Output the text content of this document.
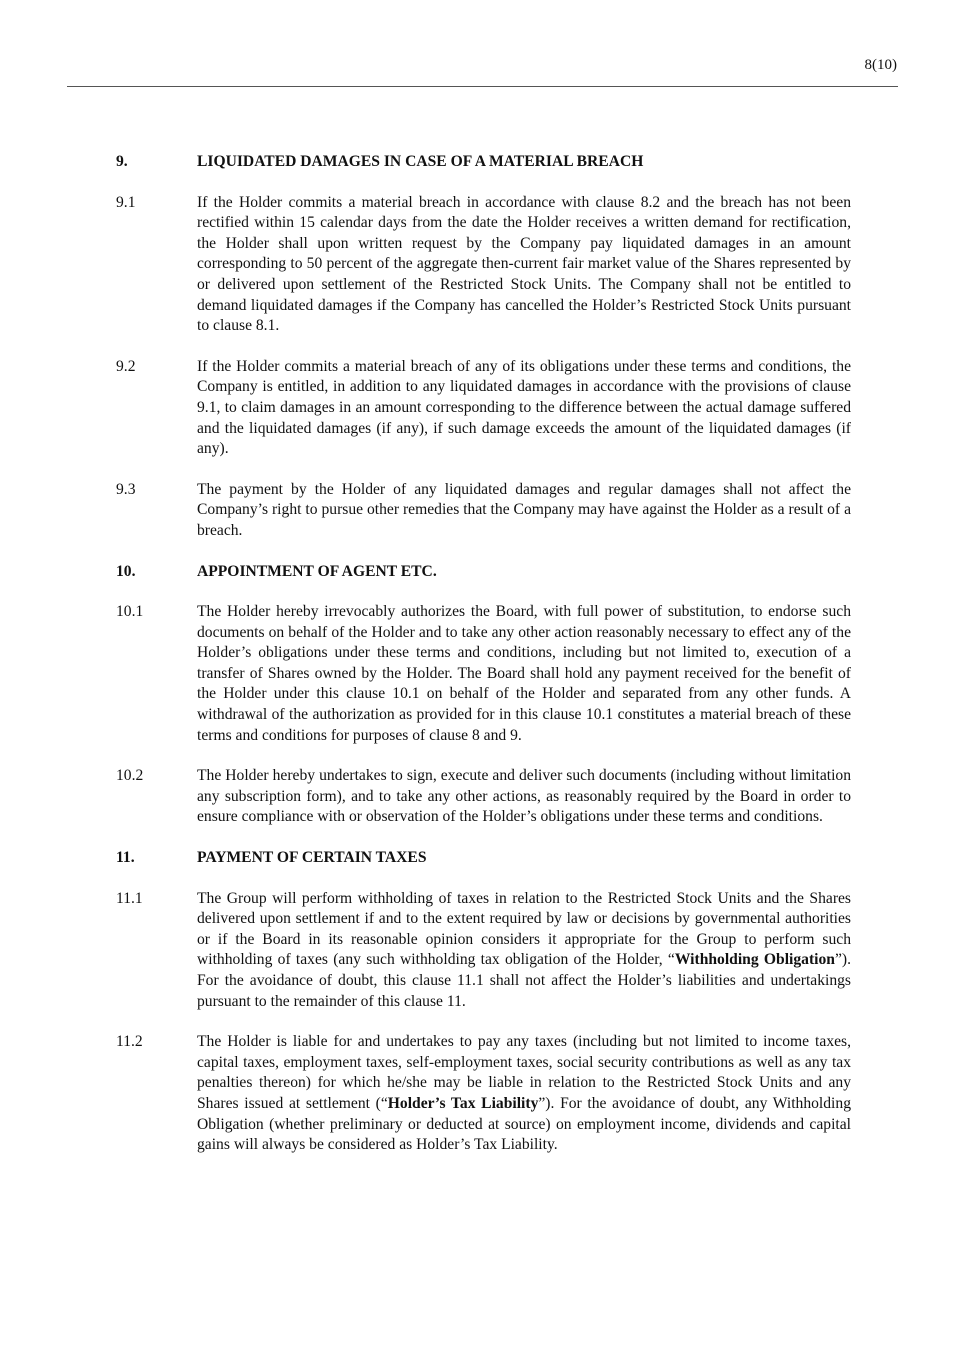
8(10)
9.	LIQUIDATED DAMAGES IN CASE OF A MATERIAL BREACH
9.1	If the Holder commits a material breach in accordance with clause 8.2 and the breach has not been rectified within 15 calendar days from the date the Holder receives a written demand for rectification, the Holder shall upon written request by the Company pay liquidated damages in an amount corresponding to 50 percent of the aggregate then-current fair market value of the Shares represented by or delivered upon settlement of the Restricted Stock Units. The Company shall not be entitled to demand liquidated damages if the Company has cancelled the Holder’s Restricted Stock Units pursuant to clause 8.1.
9.2	If the Holder commits a material breach of any of its obligations under these terms and conditions, the Company is entitled, in addition to any liquidated damages in accordance with the provisions of clause 9.1, to claim damages in an amount corresponding to the difference between the actual damage suffered and the liquidated damages (if any), if such damage exceeds the amount of the liquidated damages (if any).
9.3	The payment by the Holder of any liquidated damages and regular damages shall not affect the Company’s right to pursue other remedies that the Company may have against the Holder as a result of a breach.
10.	APPOINTMENT OF AGENT ETC.
10.1	The Holder hereby irrevocably authorizes the Board, with full power of substitution, to endorse such documents on behalf of the Holder and to take any other action reasonably necessary to effect any of the Holder’s obligations under these terms and conditions, including but not limited to, execution of a transfer of Shares owned by the Holder. The Board shall hold any payment received for the benefit of the Holder under this clause 10.1 on behalf of the Holder and separated from any other funds. A withdrawal of the authorization as provided for in this clause 10.1 constitutes a material breach of these terms and conditions for purposes of clause 8 and 9.
10.2	The Holder hereby undertakes to sign, execute and deliver such documents (including without limitation any subscription form), and to take any other actions, as reasonably required by the Board in order to ensure compliance with or observation of the Holder’s obligations under these terms and conditions.
11.	PAYMENT OF CERTAIN TAXES
11.1	The Group will perform withholding of taxes in relation to the Restricted Stock Units and the Shares delivered upon settlement if and to the extent required by law or decisions by governmental authorities or if the Board in its reasonable opinion considers it appropriate for the Group to perform such withholding of taxes (any such withholding tax obligation of the Holder, “Withholding Obligation”). For the avoidance of doubt, this clause 11.1 shall not affect the Holder’s liabilities and undertakings pursuant to the remainder of this clause 11.
11.2	The Holder is liable for and undertakes to pay any taxes (including but not limited to income taxes, capital taxes, employment taxes, self-employment taxes, social security contributions as well as any tax penalties thereon) for which he/she may be liable in relation to the Restricted Stock Units and any Shares issued at settlement (“Holder’s Tax Liability”). For the avoidance of doubt, any Withholding Obligation (whether preliminary or deducted at source) on employment income, dividends and capital gains will always be considered as Holder’s Tax Liability.
